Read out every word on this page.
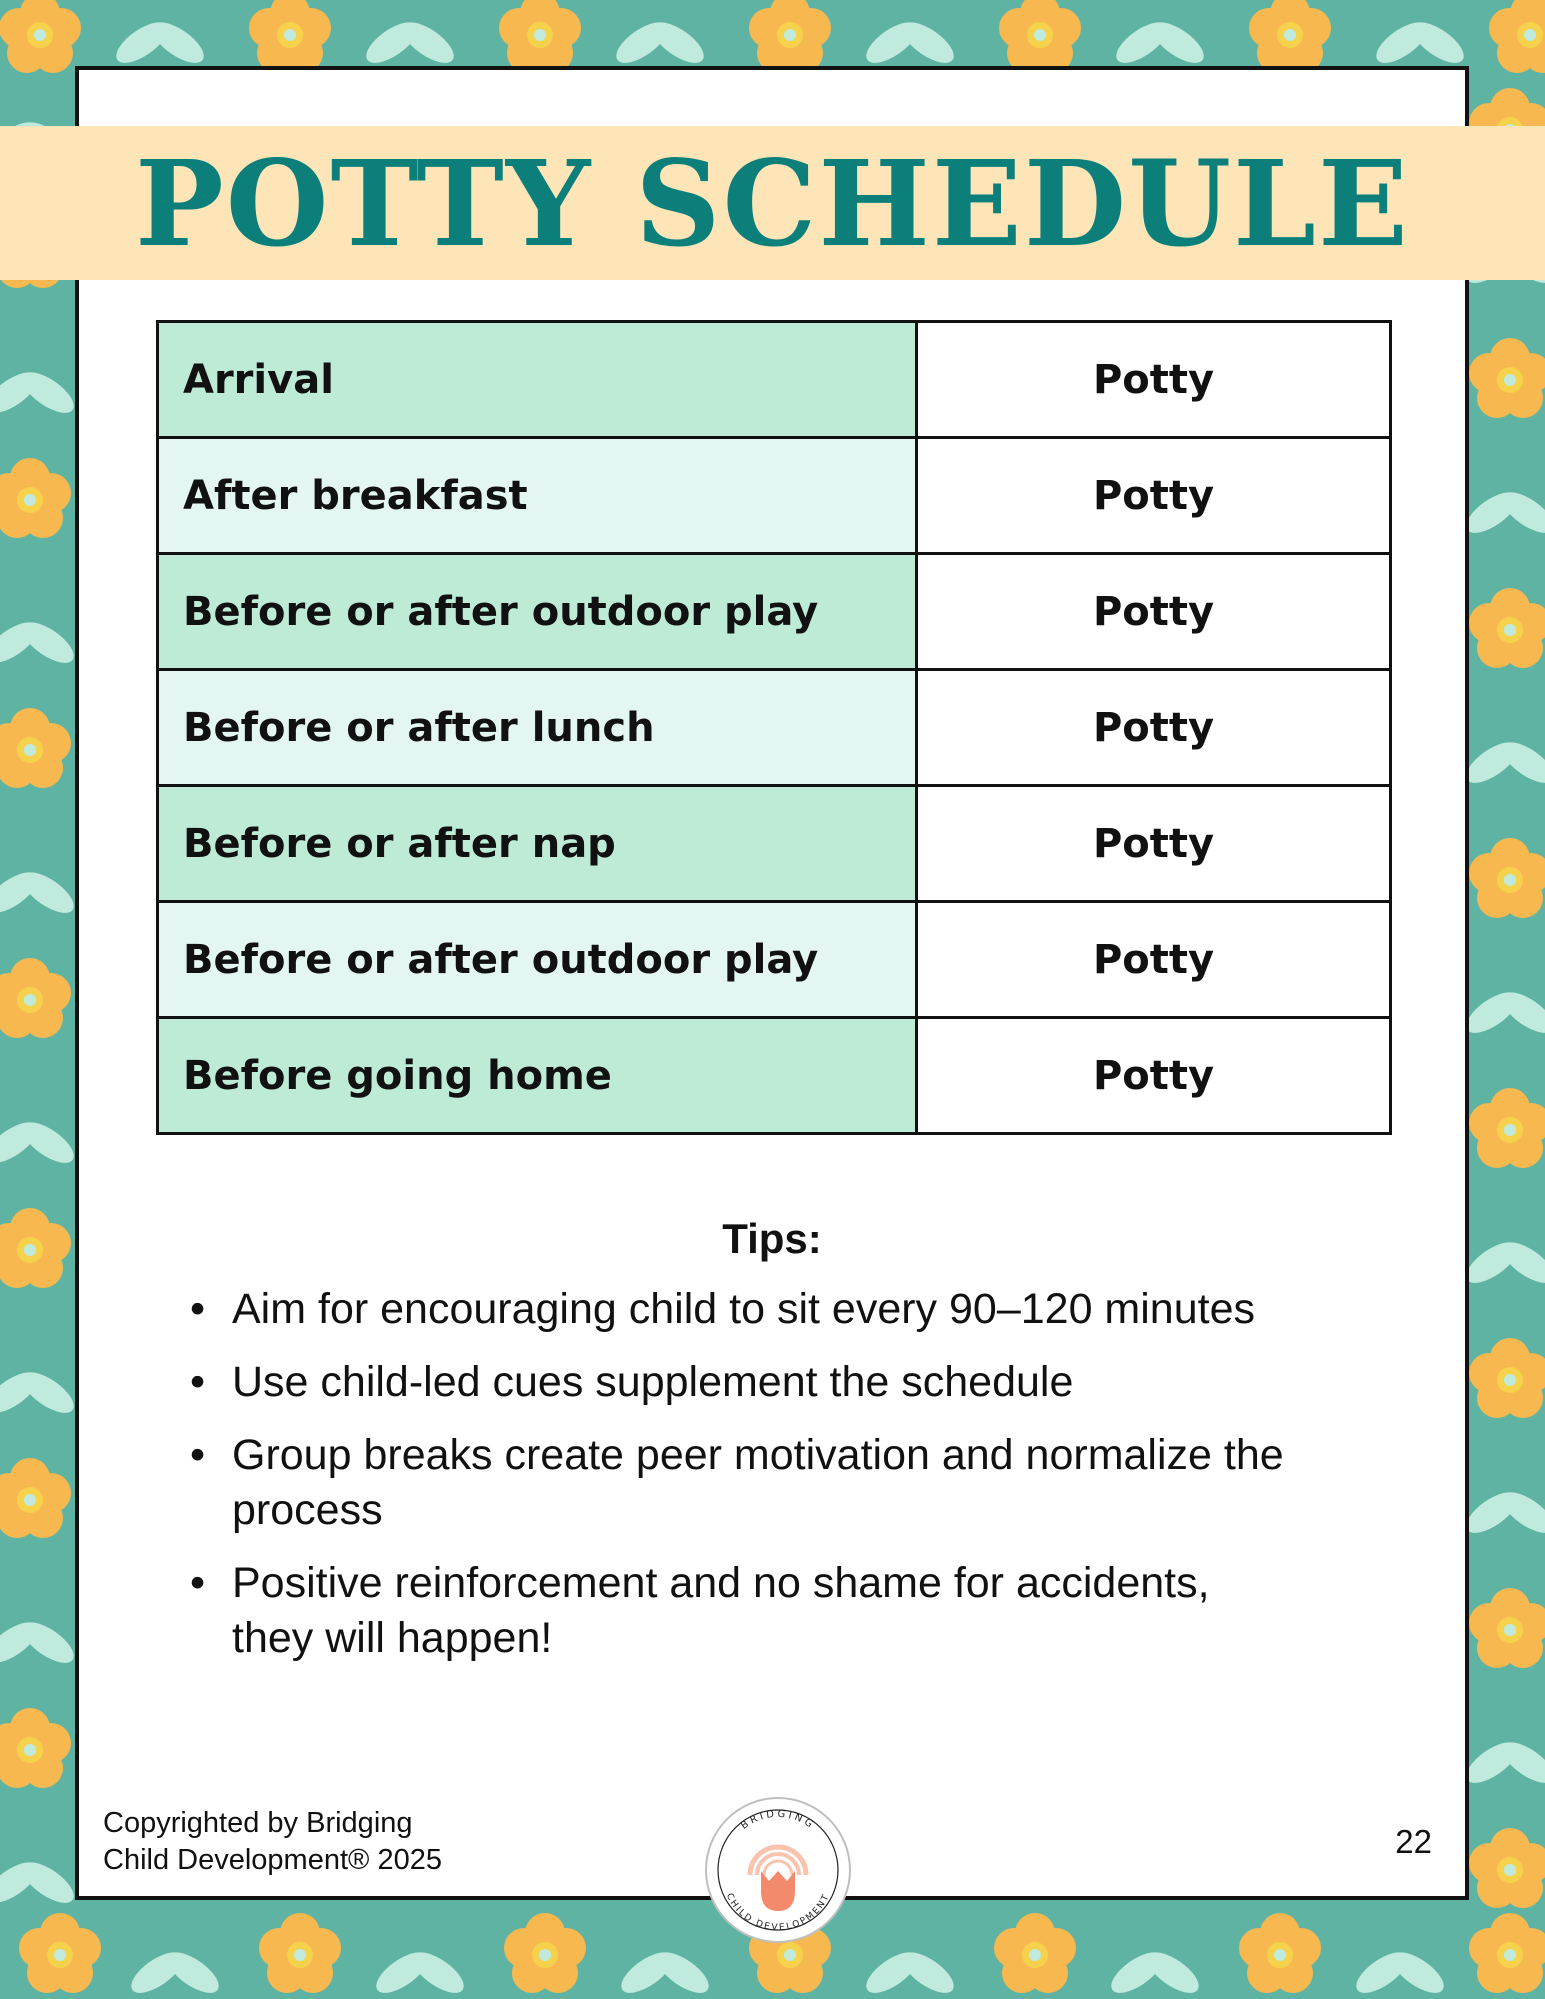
POTTY SCHEDULE
Arrival	Potty
After breakfast	Potty
Before or after outdoor play	Potty
Before or after lunch	Potty
Before or after nap	Potty
Before or after outdoor play	Potty
Before going home	Potty
Tips:
• Aim for encouraging child to sit every 90–120 minutes
• Use child-led cues supplement the schedule
• Group breaks create peer motivation and normalize the process
• Positive reinforcement and no shame for accidents, they will happen!
Copyrighted by Bridging
Child Development® 2025
BRIDGING
CHILD DEVELOPMENT
22
